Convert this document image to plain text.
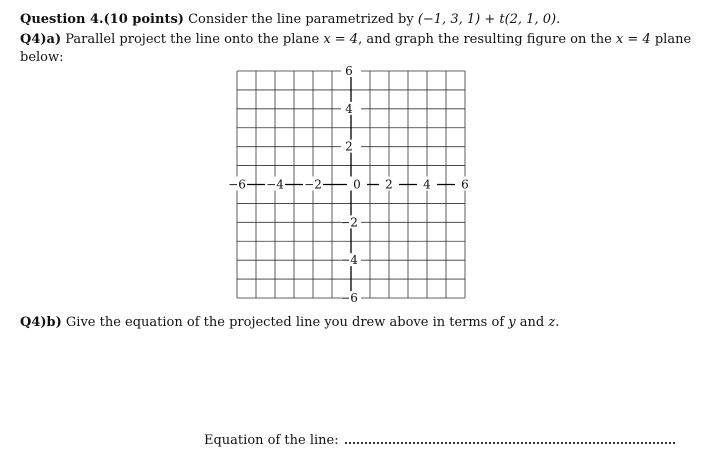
Question 4.(10 points) Consider the line parametrized by (−1, 3, 1) + t(2, 1, 0).
Q4)a) Parallel project the line onto the plane x = 4, and graph the resulting figure on the x = 4 plane
below:
−6 −4 −2	0 2	4	6
6
4
2
−2
−4
−6
Q4)b) Give the equation of the projected line you drew above in terms of y and z.
Equation of the line:
